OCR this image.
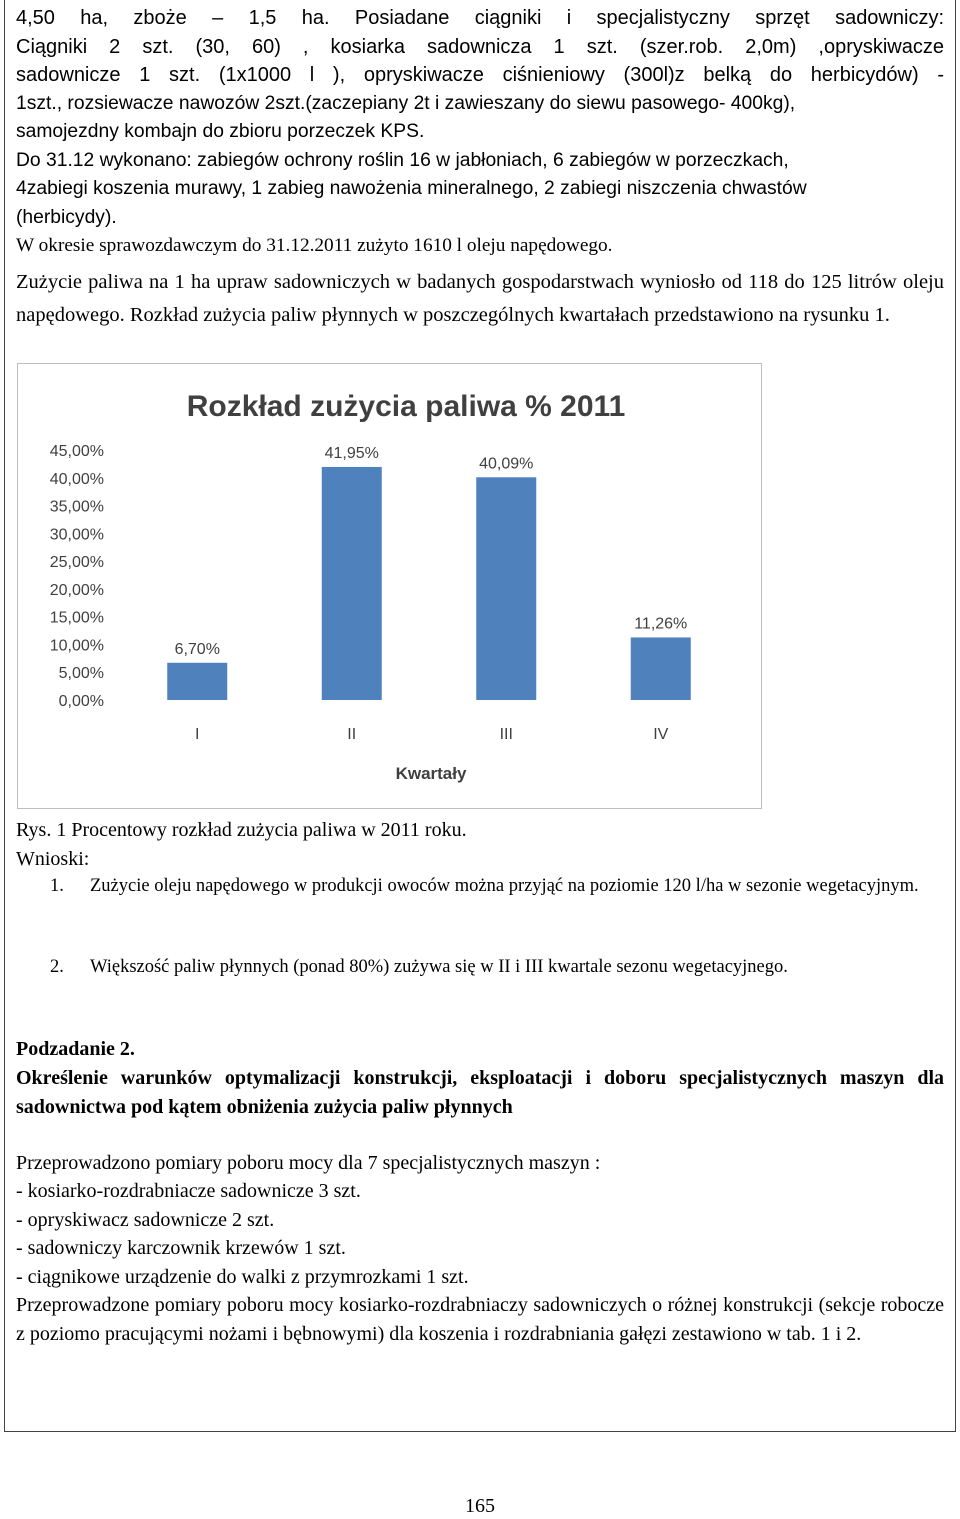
4,50 ha, zboże – 1,5 ha. Posiadane ciągniki i specjalistyczny sprzęt sadowniczy:
Ciągniki 2 szt. (30, 60) , kosiarka sadownicza 1 szt. (szer.rob. 2,0m) ,opryskiwacze
sadownicze 1 szt. (1x1000 l ), opryskiwacze ciśnieniowy (300l)z belką do herbicydów) -
1szt., rozsiewacze nawozów 2szt.(zaczepiany 2t i zawieszany do siewu pasowego- 400kg),
samojezdny kombajn do zbioru porzeczek KPS.
Do 31.12 wykonano: zabiegów ochrony roślin 16 w jabłoniach, 6 zabiegów w porzeczkach,
4zabiegi koszenia murawy, 1 zabieg nawożenia mineralnego, 2 zabiegi niszczenia chwastów
(herbicydy).
W okresie sprawozdawczym do 31.12.2011 zużyto 1610 l oleju napędowego.
Zużycie paliwa na 1 ha upraw sadowniczych w badanych gospodarstwach wyniosło od 118 do 125 litrów oleju napędowego. Rozkład zużycia paliw płynnych w poszczególnych kwartałach przedstawiono na rysunku 1.
Rozkład zużycia paliwa % 2011
0,00%
5,00%
10,00%
15,00%
20,00%
25,00%
30,00%
35,00%
40,00%
45,00%
6,70%
41,95%
40,09%
11,26%
I	II	III	IV
Kwartały
Rys. 1 Procentowy rozkład zużycia paliwa w 2011 roku.
Wnioski:
1. Zużycie oleju napędowego w produkcji owoców można przyjąć na poziomie 120 l/ha w sezonie wegetacyjnym.
2. Większość paliw płynnych (ponad 80%) zużywa się w II i III kwartale sezonu wegetacyjnego.
Podzadanie 2.
Określenie warunków optymalizacji konstrukcji, eksploatacji i doboru specjalistycznych maszyn dla sadownictwa pod kątem obniżenia zużycia paliw płynnych
Przeprowadzono pomiary poboru mocy dla 7 specjalistycznych maszyn :
- kosiarko-rozdrabniacze sadownicze 3 szt.
- opryskiwacz sadownicze 2 szt.
- sadowniczy karczownik krzewów 1 szt.
- ciągnikowe urządzenie do walki z przymrozkami 1 szt.
Przeprowadzone pomiary poboru mocy kosiarko-rozdrabniaczy sadowniczych o różnej konstrukcji (sekcje robocze z poziomo pracującymi nożami i bębnowymi) dla koszenia i rozdrabniania gałęzi zestawiono w tab. 1 i 2.
165
